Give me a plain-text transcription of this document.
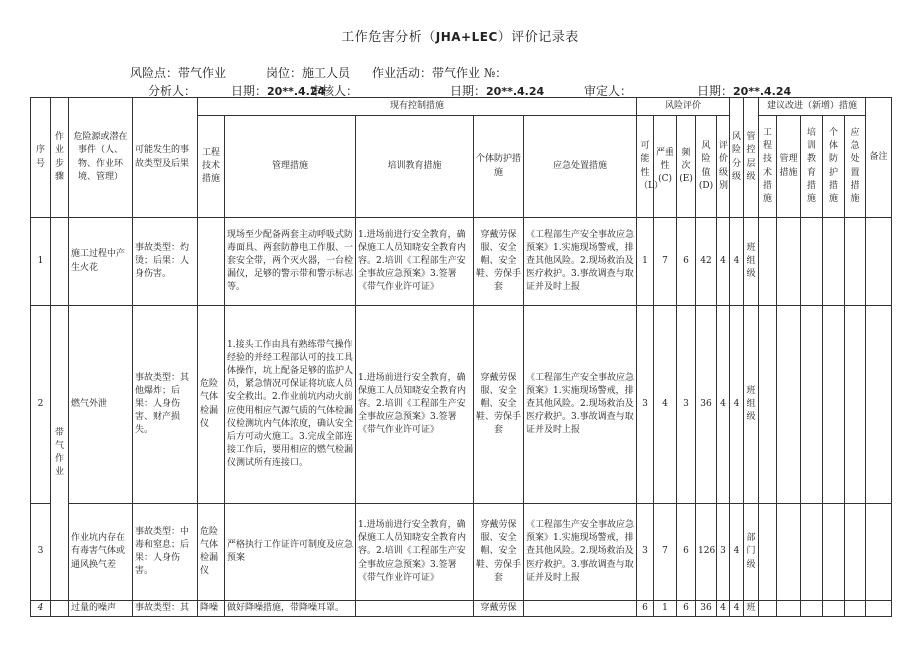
工作危害分析（JHA+LEC）评价记录表
风险点：带气作业	岗位：施工人员 作业活动：带气作业 №：
分析人：	日期：20**.4.24
审核人：	日期：20**.4.24	审定人：	日期：20**.4.24
序号	作业步骤	危险源或潜在事件（人、物、作业环境、管理）	可能发生的事故类型及后果	现有控制措施					风险评价					风险分级	管控层级	建议改进（新增）措施					备注
				工程技术措施	管理措施	培训教育措施	个体防护措施	应急处置措施	可能性（L）	严重性(C)	频次(E)	风险值(D)	评价级别			工程技术措施	管理措施	培训教育措施	个体防护措施	应急处置措施	
1		施工过程中产生火花	事故类型：灼烫；后果：人身伤害。		现场至少配备两套主动呼吸式防毒面具、两套防静电工作服、一套安全带，两个灭火器，一台检漏仪，足够的警示带和警示标志等。	1.进场前进行安全教育，确保施工人员知晓安全教育内容。2.培训《工程部生产安全事故应急预案》3.签署《带气作业许可证》	穿戴劳保服、安全帽、安全鞋、劳保手套	《工程部生产安全事故应急预案》1.实施现场警戒，排查其他风险。2.现场救治及医疗救护。3.事故调查与取证并及时上报	1	7	6	42	4	4	班组级						
2	带气作业	燃气外泄	事故类型：其他爆炸；后果：人身伤害、财产损失。	危险气体检漏仪	1.接头工作由具有熟练带气操作经验的并经工程部认可的技工具体操作，坑上配备足够的监护人员，紧急情况可保证将坑底人员安全救出。2.作业前坑内动火前应使用相应气源气质的气体检漏仪检测坑内气体浓度，确认安全后方可动火施工。3.完成全部连接工作后，要用相应的燃气检漏仪测试所有连接口。	1.进场前进行安全教育，确保施工人员知晓安全教育内容。2.培训《工程部生产安全事故应急预案》3.签署《带气作业许可证》	穿戴劳保服、安全帽、安全鞋、劳保手套	《工程部生产安全事故应急预案》1.实施现场警戒，排查其他风险。2.现场救治及医疗救护。3.事故调查与取证并及时上报	3	4	3	36	4	4	班组级						
3		作业坑内存在有毒害气体或通风换气差	事故类型：中毒和窒息；后果：人身伤害。	危险气体检漏仪	严格执行工作证许可制度及应急预案	1.进场前进行安全教育，确保施工人员知晓安全教育内容。2.培训《工程部生产安全事故应急预案》3.签署《带气作业许可证》	穿戴劳保服、安全帽、安全鞋、劳保手套	《工程部生产安全事故应急预案》1.实施现场警戒，排查其他风险。2.现场救治及医疗救护。3.事故调查与取证并及时上报	3	7	6	126	3	4	部门级						
4		过量的噪声	事故类型：其	降噪	做好降噪措施，带降噪耳罩。		穿戴劳保		6	1	6	36	4	4	班						
